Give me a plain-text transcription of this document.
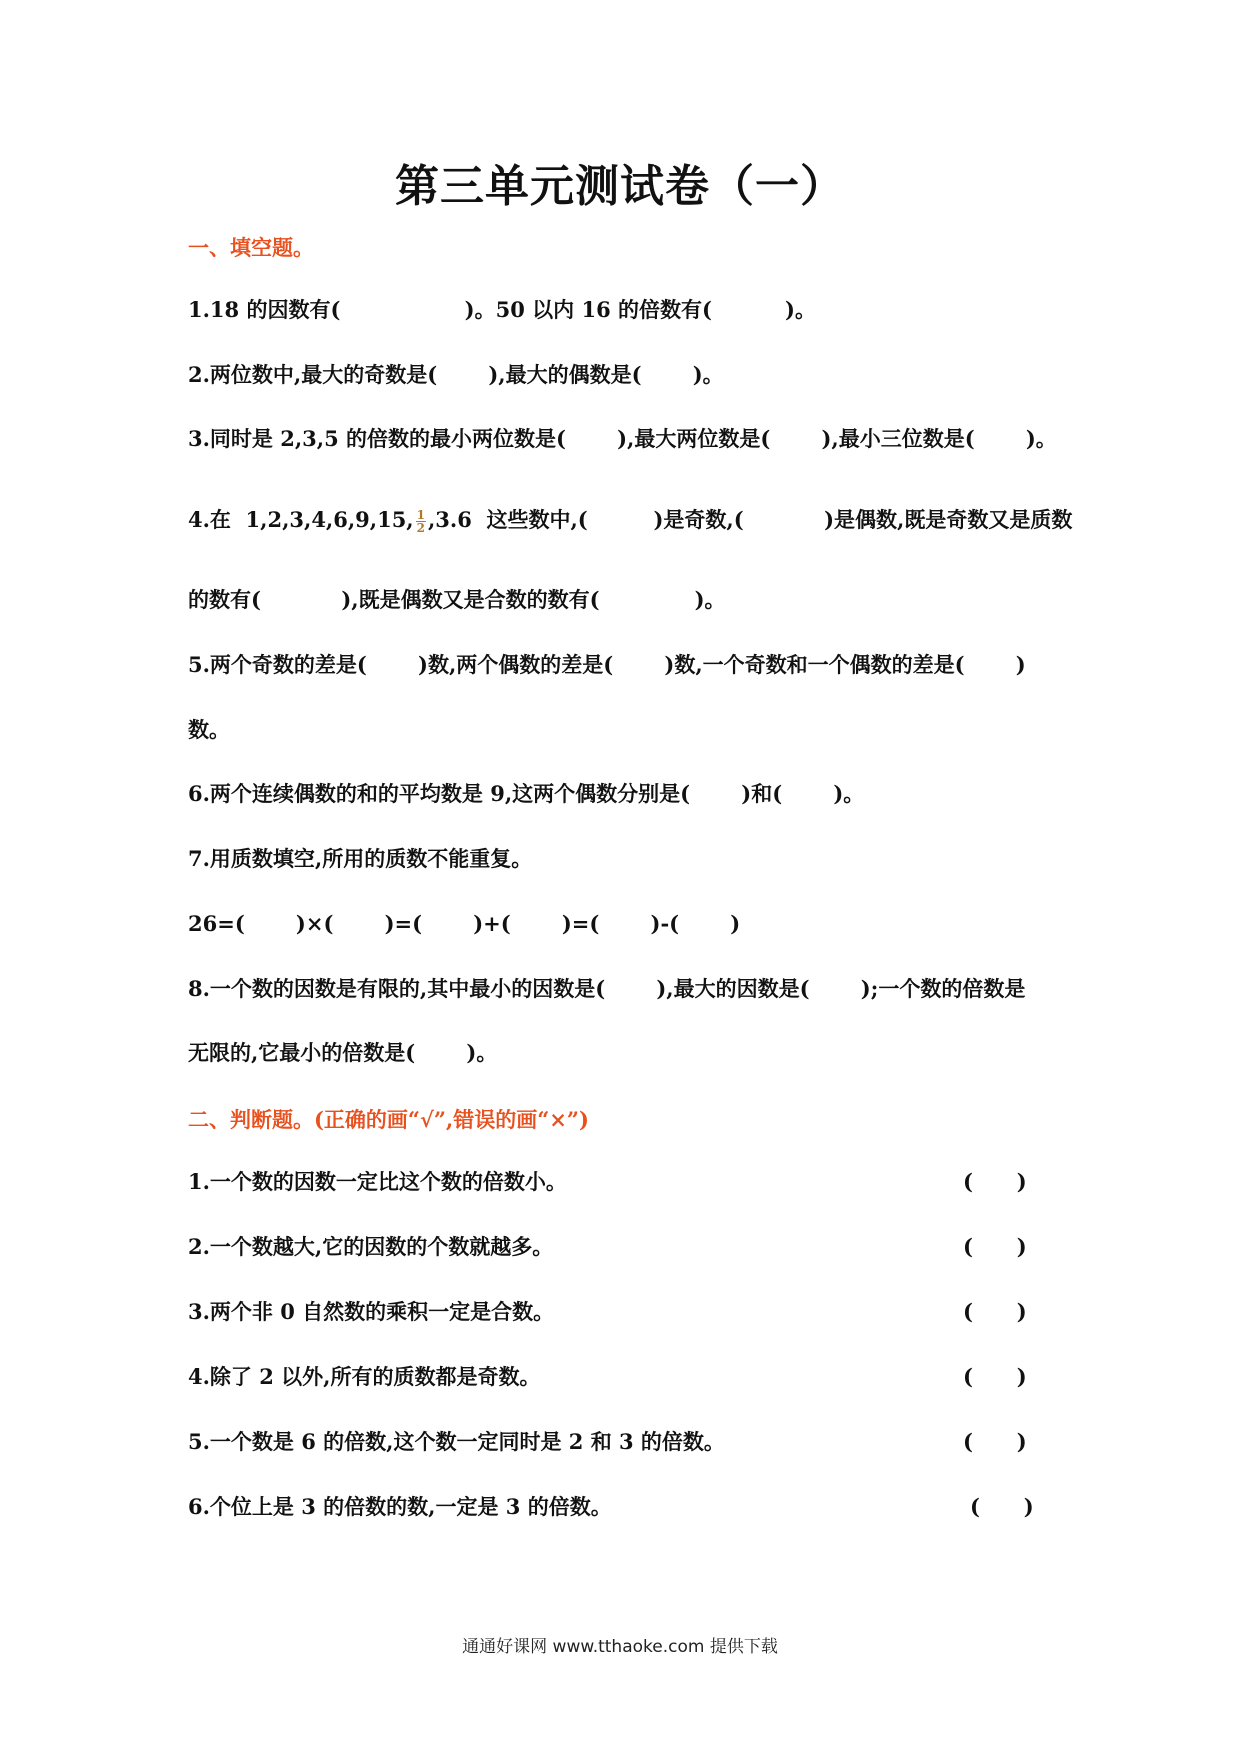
第三单元测试卷（一）
一、填空题。
1.18 的因数有(                 )。50 以内 16 的倍数有(          )。
2.两位数中,最大的奇数是(       ),最大的偶数是(       )。
3.同时是 2,3,5 的倍数的最小两位数是(       ),最大两位数是(       ),最小三位数是(       )。
4.在  1,2,3,4,6,9,15, $\frac{1}{2} ,3.6$  这些数中,(         )是奇数,(           )是偶数,既是奇数又是质数
的数有(           ),既是偶数又是合数的数有(             )。
5.两个奇数的差是(       )数,两个偶数的差是(       )数,一个奇数和一个偶数的差是(       )
数。
6.两个连续偶数的和的平均数是 9,这两个偶数分别是(       )和(       )。
7.用质数填空,所用的质数不能重复。
26=(       )×(       )=(       )+(       )=(       )-(       )
8.一个数的因数是有限的,其中最小的因数是(       ),最大的因数是(       );一个数的倍数是
无限的,它最小的倍数是(       )。
二、判断题。(正确的画“√”,错误的画“×”)
1.一个数的因数一定比这个数的倍数小。	(      )
2.一个数越大,它的因数的个数就越多。	(      )
3.两个非 0 自然数的乘积一定是合数。	(      )
4.除了 2 以外,所有的质数都是奇数。	(      )
5.一个数是 6 的倍数,这个数一定同时是 2 和 3 的倍数。	(      )
6.个位上是 3 的倍数的数,一定是 3 的倍数。	(      )
通通好课网 www.tthaoke.com 提供下载
